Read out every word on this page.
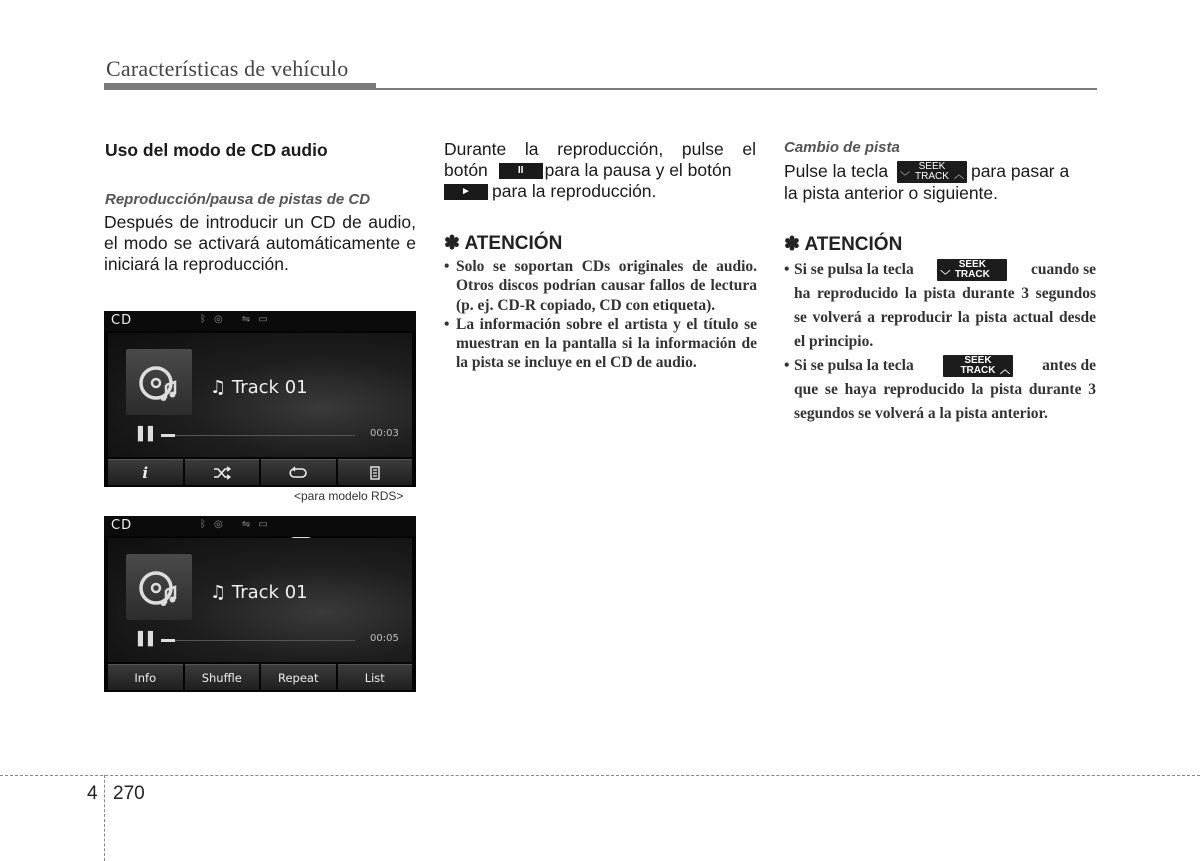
Características de vehículo
Uso del modo de CD audio
Reproducción/pausa de pistas de CD
Después de introducir un CD de audio, el modo se activará automáticamente e iniciará la reproducción.
CD	ᛒ◎ ⇋▭
♫ Track 01
▌▌	00:03
i
<para modelo RDS>
CD	ᛒ◎ ⇋▭
♫ Track 01
▌▌	00:05
Info	Shuffle	Repeat	List
Durante la reproducción, pulse el
botón	II para la pausa y el botón
► para la reproducción.
✽ ATENCIÓN
• Solo se soportan CDs originales de audio. Otros discos podrían causar fallos de lectura (p. ej. CD-R copiado, CD con etiqueta).
• La información sobre el artista y el título se muestran en la pantalla si la información de la pista se incluye en el CD de audio.
Cambio de pista
Pulse la tecla ﹀
SEEK
TRACK ︿ para pasar a
la pista anterior o siguiente.
✽ ATENCIÓN
• Si se pulsa la tecla	﹀
SEEK
TRACK	cuando se
ha reproducido la pista durante 3 segundos se volverá a reproducir la pista actual desde el principio.
• Si se pulsa la tecla	SEEK
TRACK ︿ antes de
que se haya reproducido la pista durante 3 segundos se volverá a la pista anterior.
4 270
